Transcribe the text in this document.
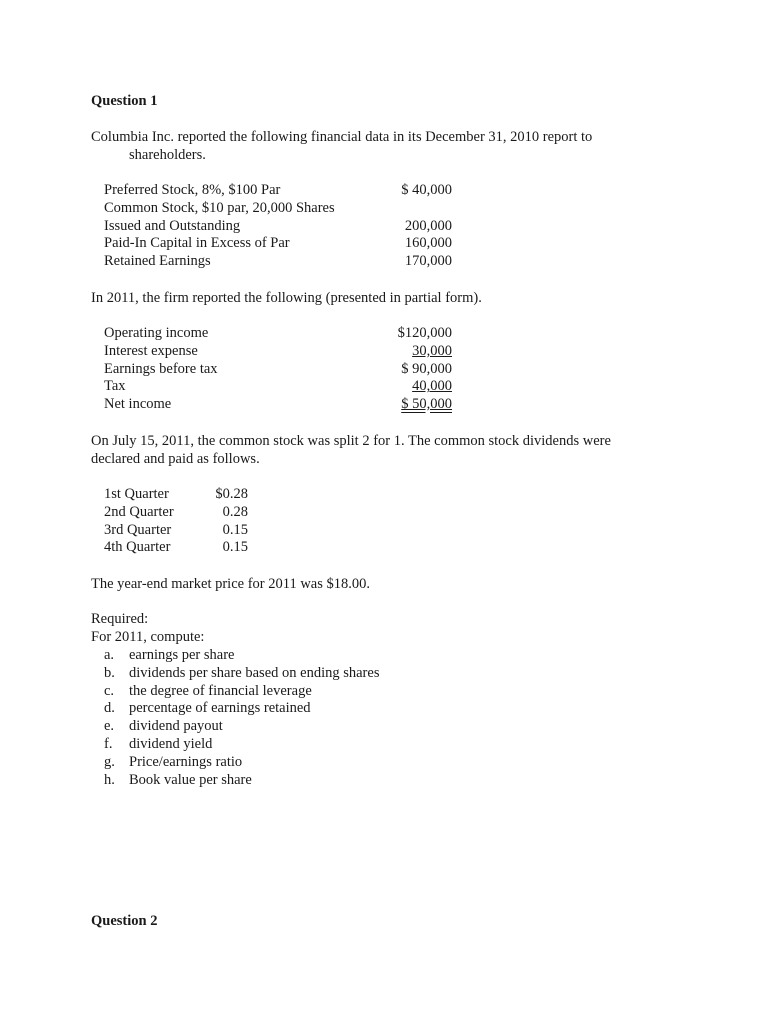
Question 1
Columbia Inc. reported the following financial data in its December 31, 2010 report to
shareholders.
Preferred Stock, 8%, $100 Par	$ 40,000
Common Stock, $10 par, 20,000 Shares
Issued and Outstanding	200,000
Paid-In Capital in Excess of Par	160,000
Retained Earnings	170,000
In 2011, the firm reported the following (presented in partial form).
Operating income	$120,000
Interest expense	30,000
Earnings before tax	$ 90,000
Tax	40,000
Net income	$ 50,000
On July 15, 2011, the common stock was split 2 for 1. The common stock dividends were
declared and paid as follows.
1st Quarter	$0.28
2nd Quarter	0.28
3rd Quarter	0.15
4th Quarter	0.15
The year-end market price for 2011 was $18.00.
Required:
For 2011, compute:
a. earnings per share
b. dividends per share based on ending shares
c. the degree of financial leverage
d. percentage of earnings retained
e. dividend payout
f. dividend yield
g. Price/earnings ratio
h. Book value per share
Question 2
